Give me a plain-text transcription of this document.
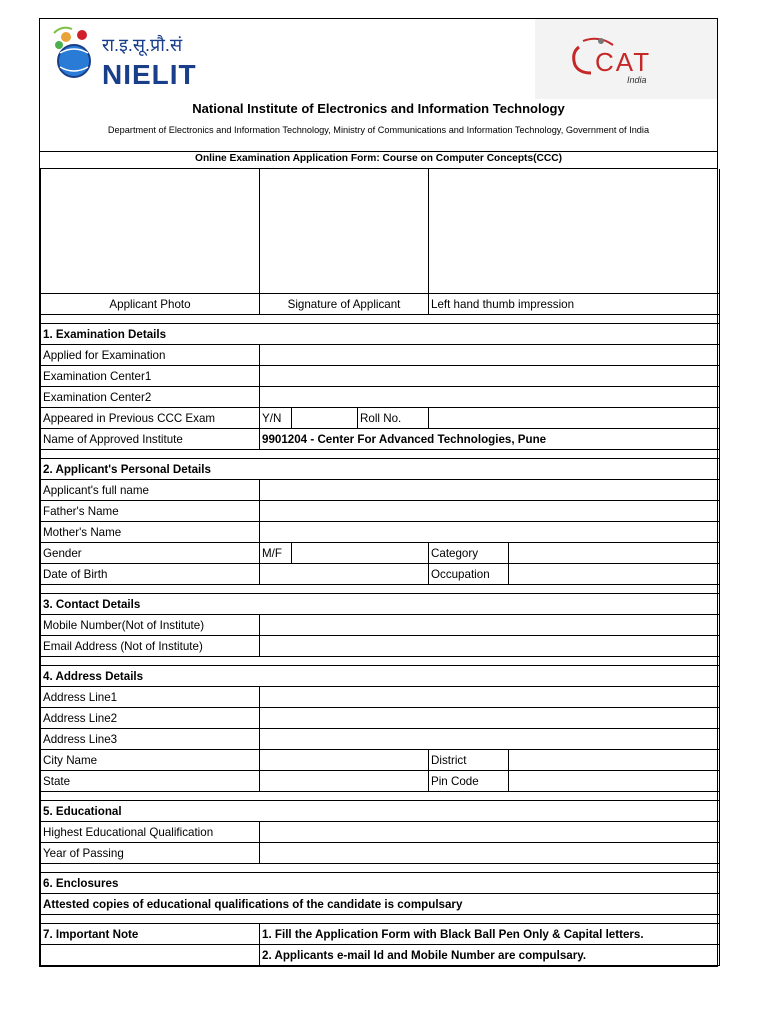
रा.इ.सू.प्रौ.सं
NIELIT	CAT
India
National Institute of Electronics and Information Technology
Department of Electronics and Information Technology, Ministry of Communications and Information Technology, Government of India
Online Examination Application Form: Course on Computer Concepts(CCC)

Applicant Photo	Signature of Applicant			Left hand thumb impression	

1. Examination Details					
Applied for Examination					
Examination Center1					
Examination Center2					
Appeared in Previous CCC Exam	Y/N		Roll No.		
Name of Approved Institute	9901204 - Center For Advanced Technologies, Pune				

2. Applicant's Personal Details					
Applicant's full name					
Father's Name					
Mother's Name					
Gender	M/F			Category	
Date of Birth				Occupation	

3. Contact Details					
Mobile Number(Not of Institute)					
Email Address (Not of Institute)					

4. Address Details					
Address Line1					
Address Line2					
Address Line3					
City Name				District	
State				Pin Code	

5. Educational					
Highest Educational Qualification					
Year of Passing					

6. Enclosures					
Attested copies of educational qualifications of the candidate is compulsary					

7. Important Note	1. Fill the Application Form with Black Ball Pen Only & Capital letters.				
	2. Applicants e-mail Id and Mobile Number are compulsary.				
